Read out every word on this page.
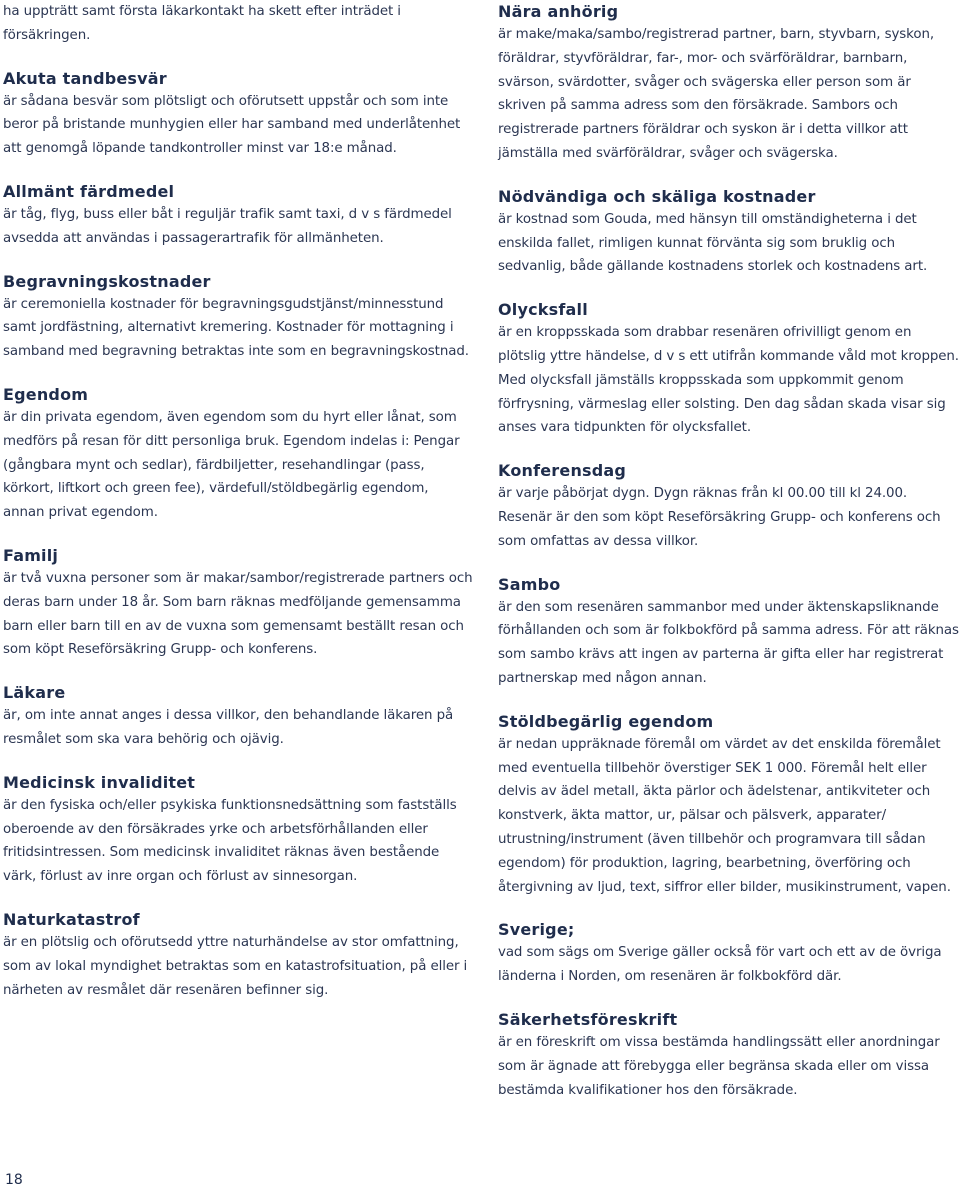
ha uppträtt samt första läkarkontakt ha skett efter inträdet i försäkringen.

Akuta tandbesvär

är sådana besvär som plötsligt och oförutsett uppstår och som inte beror på bristande munhygien eller har samband med underlåtenhet att genomgå löpande tandkontroller minst var 18:e månad.

Allmänt färdmedel

är tåg, flyg, buss eller båt i reguljär trafik samt taxi, d v s färdmedel avsedda att användas i passagerartrafik för allmänheten.

Begravningskostnader

är ceremoniella kostnader för begravningsgudstjänst/minnesstund samt jordfästning, alternativt kremering. Kostnader för mottagning i samband med begravning betraktas inte som en begravningskostnad.

Egendom

är din privata egendom, även egendom som du hyrt eller lånat, som medförs på resan för ditt personliga bruk. Egendom indelas i: Pengar (gångbara mynt och sedlar), färdbiljetter, resehandlingar (pass, körkort, liftkort och green fee), värdefull/stöldbegärlig egendom, annan privat egendom.

Familj

är två vuxna personer som är makar/sambor/registrerade partners och deras barn under 18 år. Som barn räknas medföljande gemensamma barn eller barn till en av de vuxna som gemensamt beställt resan och som köpt Reseförsäkring Grupp- och konferens.

Läkare

är, om inte annat anges i dessa villkor, den behandlande läkaren på resmålet som ska vara behörig och ojävig.

Medicinsk invaliditet

är den fysiska och/eller psykiska funktionsnedsättning som fastställs oberoende av den försäkrades yrke och arbetsförhållanden eller fritidsintressen. Som medicinsk invaliditet räknas även bestående värk, förlust av inre organ och förlust av sinnesorgan.

Naturkatastrof

är en plötslig och oförutsedd yttre naturhändelse av stor omfattning, som av lokal myndighet betraktas som en katastrofsituation, på eller i närheten av resmålet där resenären befinner sig.

Nära anhörig

är make/maka/sambo/registrerad partner, barn, styvbarn, syskon, föräldrar, styvföräldrar, far-, mor- och svärföräldrar, barnbarn, svärson, svärdotter, svåger och svägerska eller person som är skriven på samma adress som den försäkrade. Sambors och registrerade partners föräldrar och syskon är i detta villkor att jämställa med svärföräldrar, svåger och svägerska.

Nödvändiga och skäliga kostnader

är kostnad som Gouda, med hänsyn till omständigheterna i det enskilda fallet, rimligen kunnat förvänta sig som bruklig och sedvanlig, både gällande kostnadens storlek och kostnadens art.

Olycksfall

är en kroppsskada som drabbar resenären ofrivilligt genom en plötslig yttre händelse, d v s ett utifrån kommande våld mot kroppen. Med olycksfall jämställs kroppsskada som uppkommit genom förfrysning, värmeslag eller solsting. Den dag sådan skada visar sig anses vara tidpunkten för olycksfallet.

Konferensdag

är varje påbörjat dygn. Dygn räknas från kl 00.00 till kl 24.00. Resenär är den som köpt Reseförsäkring Grupp- och konferens och som omfattas av dessa villkor.

Sambo

är den som resenären sammanbor med under äktenskapsliknande förhållanden och som är folkbokförd på samma adress. För att räknas som sambo krävs att ingen av parterna är gifta eller har registrerat partnerskap med någon annan.

Stöldbegärlig egendom

är nedan uppräknade föremål om värdet av det enskilda föremålet med eventuella tillbehör överstiger SEK 1 000. Föremål helt eller delvis av ädel metall, äkta pärlor och ädelstenar, antikviteter och konstverk, äkta mattor, ur, pälsar och pälsverk, apparater/ utrustning/instrument (även tillbehör och programvara till sådan egendom) för produktion, lagring, bearbetning, överföring och återgivning av ljud, text, siffror eller bilder, musikinstrument, vapen.

Sverige;

vad som sägs om Sverige gäller också för vart och ett av de övriga länderna i Norden, om resenären är folkbokförd där.

Säkerhetsföreskrift

är en föreskrift om vissa bestämda handlingssätt eller anordningar som är ägnade att förebygga eller begränsa skada eller om vissa bestämda kvalifikationer hos den försäkrade.

18
